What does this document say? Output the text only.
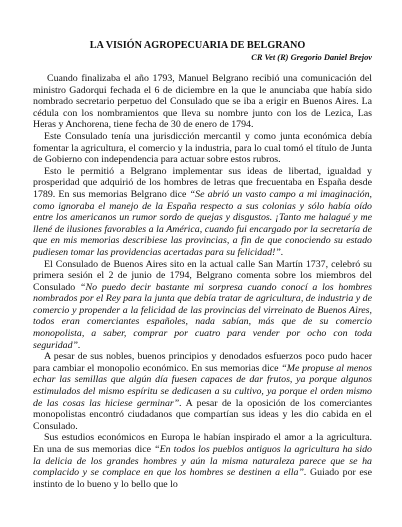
LA VISIÓN AGROPECUARIA DE BELGRANO

CR Vet (R) Gregorio Daniel Brejov

Cuando finalizaba el año 1793, Manuel Belgrano recibió una comunicación del ministro Gadorqui fechada el 6 de diciembre en la que le anunciaba que había sido nombrado secretario perpetuo del Consulado que se iba a erigir en Buenos Aires. La cédula con los nombramientos que lleva su nombre junto con los de Lezica, Las Heras y Anchorena, tiene fecha de 30 de enero de 1794.

Este Consulado tenía una jurisdicción mercantil y como junta económica debía fomentar la agricultura, el comercio y la industria, para lo cual tomó el título de Junta de Gobierno con independencia para actuar sobre estos rubros.

Esto le permitió a Belgrano implementar sus ideas de libertad, igualdad y prosperidad que adquirió de los hombres de letras que frecuentaba en España desde 1789. En sus memorias Belgrano dice “Se abrió un vasto campo a mi imaginación, como ignoraba el manejo de la España respecto a sus colonias y sólo había oído entre los americanos un rumor sordo de quejas y disgustos. ¡Tanto me halagué y me llené de ilusiones favorables a la América, cuando fui encargado por la secretaría de que en mis memorias describiese las provincias, a fin de que conociendo su estado pudiesen tomar las providencias acertadas para su felicidad!”.

El Consulado de Buenos Aires sito en la actual calle San Martín 1737, celebró su primera sesión el 2 de junio de 1794, Belgrano comenta sobre los miembros del Consulado “No puedo decir bastante mi sorpresa cuando conocí a los hombres nombrados por el Rey para la junta que debía tratar de agricultura, de industria y de comercio y propender a la felicidad de las provincias del virreinato de Buenos Aires, todos eran comerciantes españoles, nada sabían, más que de su comercio monopolista, a saber, comprar por cuatro para vender por ocho con toda seguridad”.

A pesar de sus nobles, buenos principios y denodados esfuerzos poco pudo hacer para cambiar el monopolio económico. En sus memorias dice “Me propuse al menos echar las semillas que algún día fuesen capaces de dar frutos, ya porque algunos estimulados del mismo espíritu se dedicasen a su cultivo, ya porque el orden mismo de las cosas las hiciese germinar”. A pesar de la oposición de los comerciantes monopolistas encontró ciudadanos que compartían sus ideas y les dio cabida en el Consulado.

Sus estudios económicos en Europa le habían inspirado el amor a la agricultura. En una de sus memorias dice “En todos los pueblos antiguos la agricultura ha sido la delicia de los grandes hombres y aún la misma naturaleza parece que se ha complacido y se complace en que los hombres se destinen a ella”. Guiado por ese instinto de lo bueno y lo bello que lo
